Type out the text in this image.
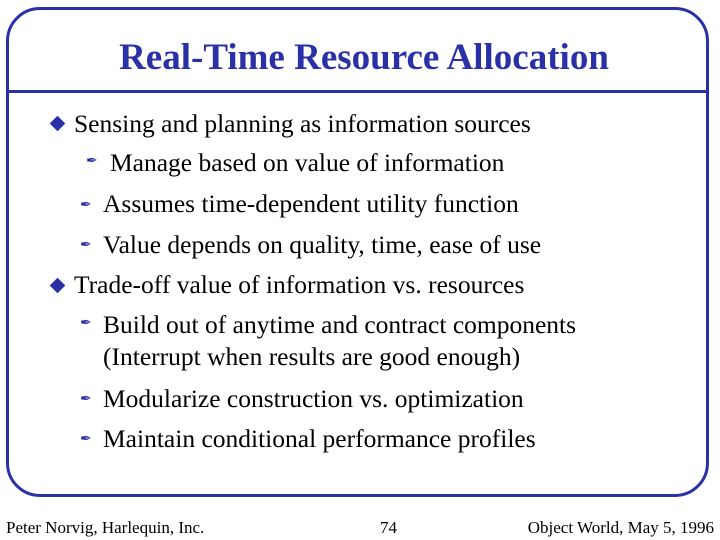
Real-Time Resource Allocation
Sensing and planning as information sources
✒ Manage based on value of information
✒ Assumes time-dependent utility function
✒ Value depends on quality, time, ease of use
Trade-off value of information vs. resources
✒ Build out of anytime and contract components
(Interrupt when results are good enough)
✒ Modularize construction vs. optimization
✒ Maintain conditional performance profiles
Peter Norvig, Harlequin, Inc.	74	Object World, May 5, 1996
